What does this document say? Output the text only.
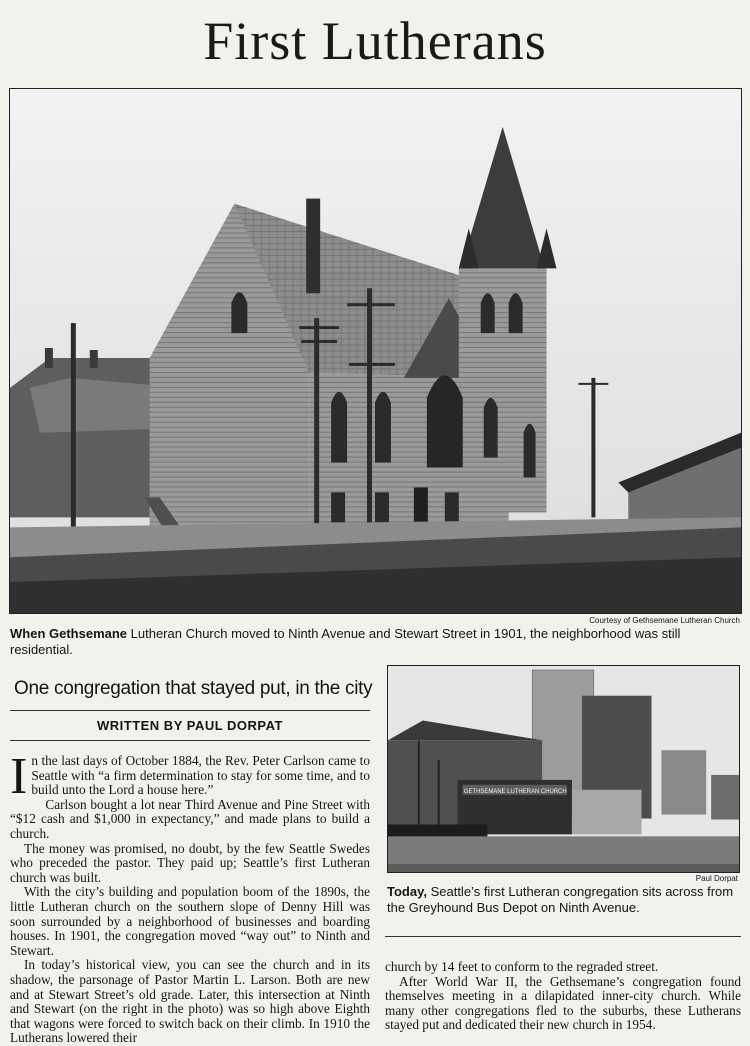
First Lutherans
Courtesy of Gethsemane Lutheran Church
When Gethsemane Lutheran Church moved to Ninth Avenue and Stewart Street in 1901, the neighborhood was still residential.
One congregation that stayed put, in the city
WRITTEN BY PAUL DORPAT

In the last days of October 1884, the Rev. Peter Carlson came to Seattle with “a firm determination to stay for some time, and to build unto the Lord a house here.”

Carlson bought a lot near Third Avenue and Pine Street with “$12 cash and $1,000 in expectancy,” and made plans to build a church.

The money was promised, no doubt, by the few Seattle Swedes who preceded the pastor. They paid up; Seattle’s first Lutheran church was built.

With the city’s building and population boom of the 1890s, the little Lutheran church on the southern slope of Denny Hill was soon surrounded by a neighborhood of businesses and boarding houses. In 1901, the congregation moved “way out” to Ninth and Stewart.

In today’s historical view, you can see the church and in its shadow, the parsonage of Pastor Martin L. Larson. Both are new and at Stewart Street’s old grade. Later, this intersection at Ninth and Stewart (on the right in the photo) was so high above Eighth that wagons were forced to switch back on their climb. In 1910 the Lutherans lowered their

GETHSEMANE LUTHERAN CHURCH
Paul Dorpat
Today, Seattle’s first Lutheran congregation sits across from the Greyhound Bus Depot on Ninth Avenue.

church by 14 feet to conform to the regraded street.

After World War II, the Gethsemane’s congregation found themselves meeting in a dilapidated inner-city church. While many other congregations fled to the suburbs, these Lutherans stayed put and dedicated their new church in 1954.
